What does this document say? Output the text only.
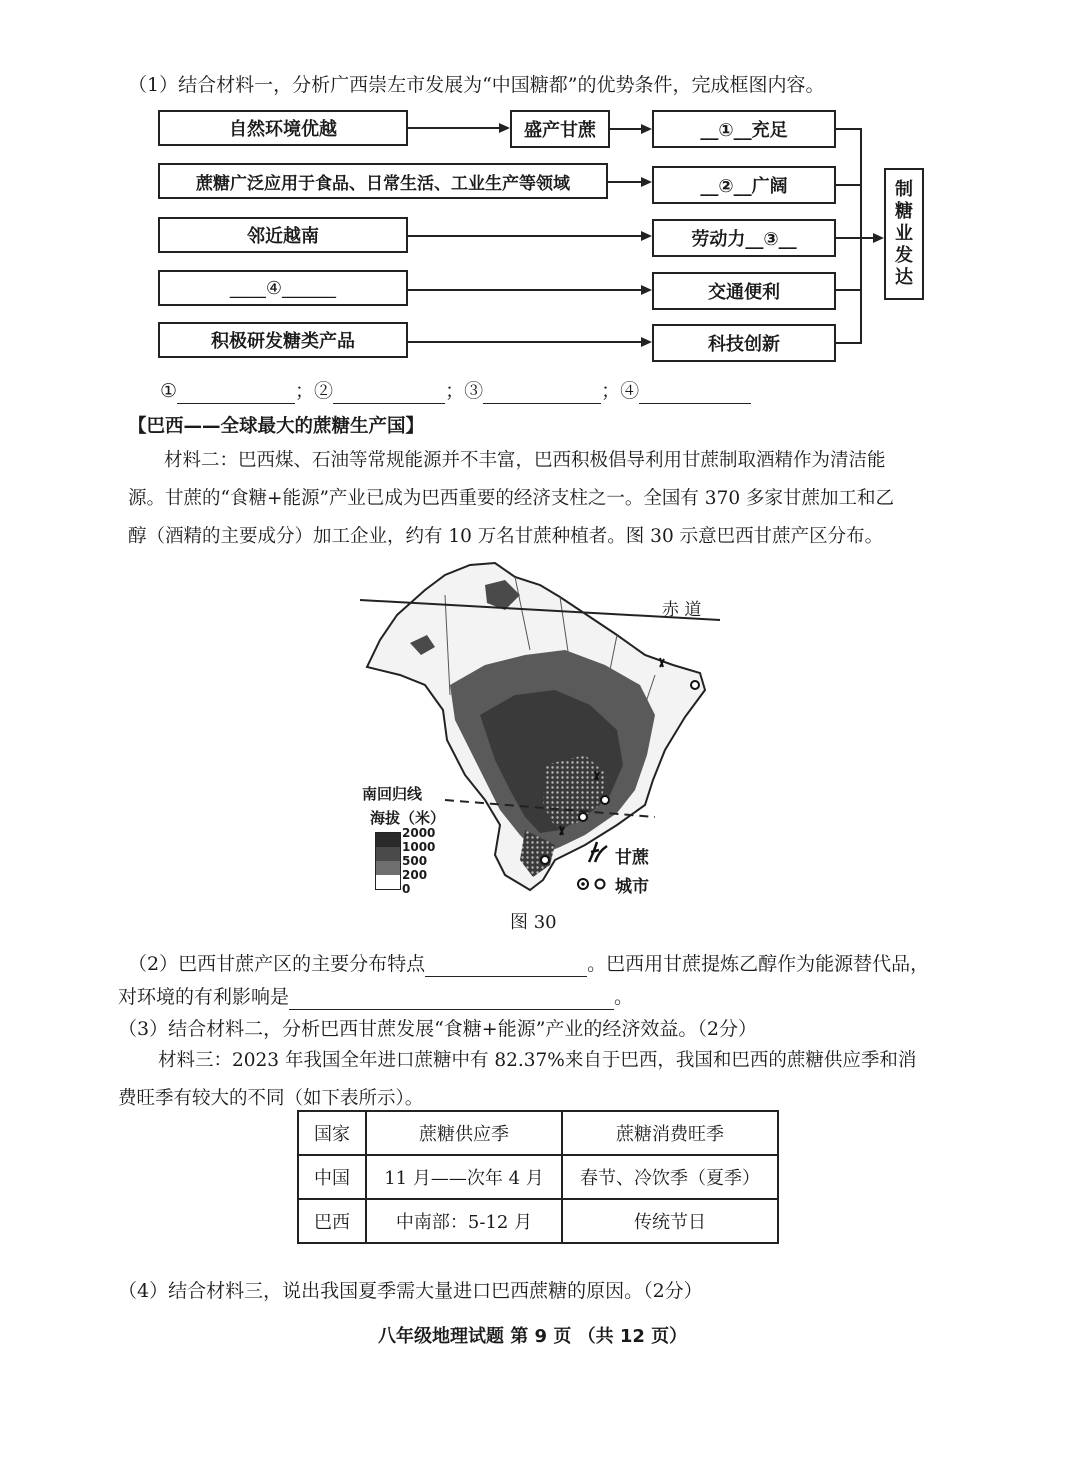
（1）结合材料一，分析广西崇左市发展为“中国糖都”的优势条件，完成框图内容。
自然环境优越
蔗糖广泛应用于食品、日常生活、工业生产等领域
邻近越南
____④______
积极研发糖类产品
盛产甘蔗	__①__充足
__②__广阔
劳动力__③__
交通便利
科技创新
制
糖
业
发
达
①	；②	；③	；④
【巴西——全球最大的蔗糖生产国】
材料二：巴西煤、石油等常规能源并不丰富，巴西积极倡导利用甘蔗制取酒精作为清洁能
源。甘蔗的“食糖+能源”产业已成为巴西重要的经济支柱之一。全国有 370 多家甘蔗加工和乙
醇（酒精的主要成分）加工企业，约有 10 万名甘蔗种植者。图 30 示意巴西甘蔗产区分布。
赤 道
南回归线
海拔（米）
2000
1000
500
200
0
甘蔗
城市
图 30
（2）巴西甘蔗产区的主要分布特点	。巴西用甘蔗提炼乙醇作为能源替代品，
对环境的有利影响是	。
（3）结合材料二，分析巴西甘蔗发展“食糖+能源”产业的经济效益。（2分）
材料三：2023 年我国全年进口蔗糖中有 82.37%来自于巴西，我国和巴西的蔗糖供应季和消
费旺季有较大的不同（如下表所示）。
国家	蔗糖供应季	蔗糖消费旺季
中国	11 月——次年 4 月	春节、冷饮季（夏季）
巴西	中南部：5-12 月	传统节日
（4）结合材料三，说出我国夏季需大量进口巴西蔗糖的原因。（2分）
八年级地理试题 第 9 页 （共 12 页）
